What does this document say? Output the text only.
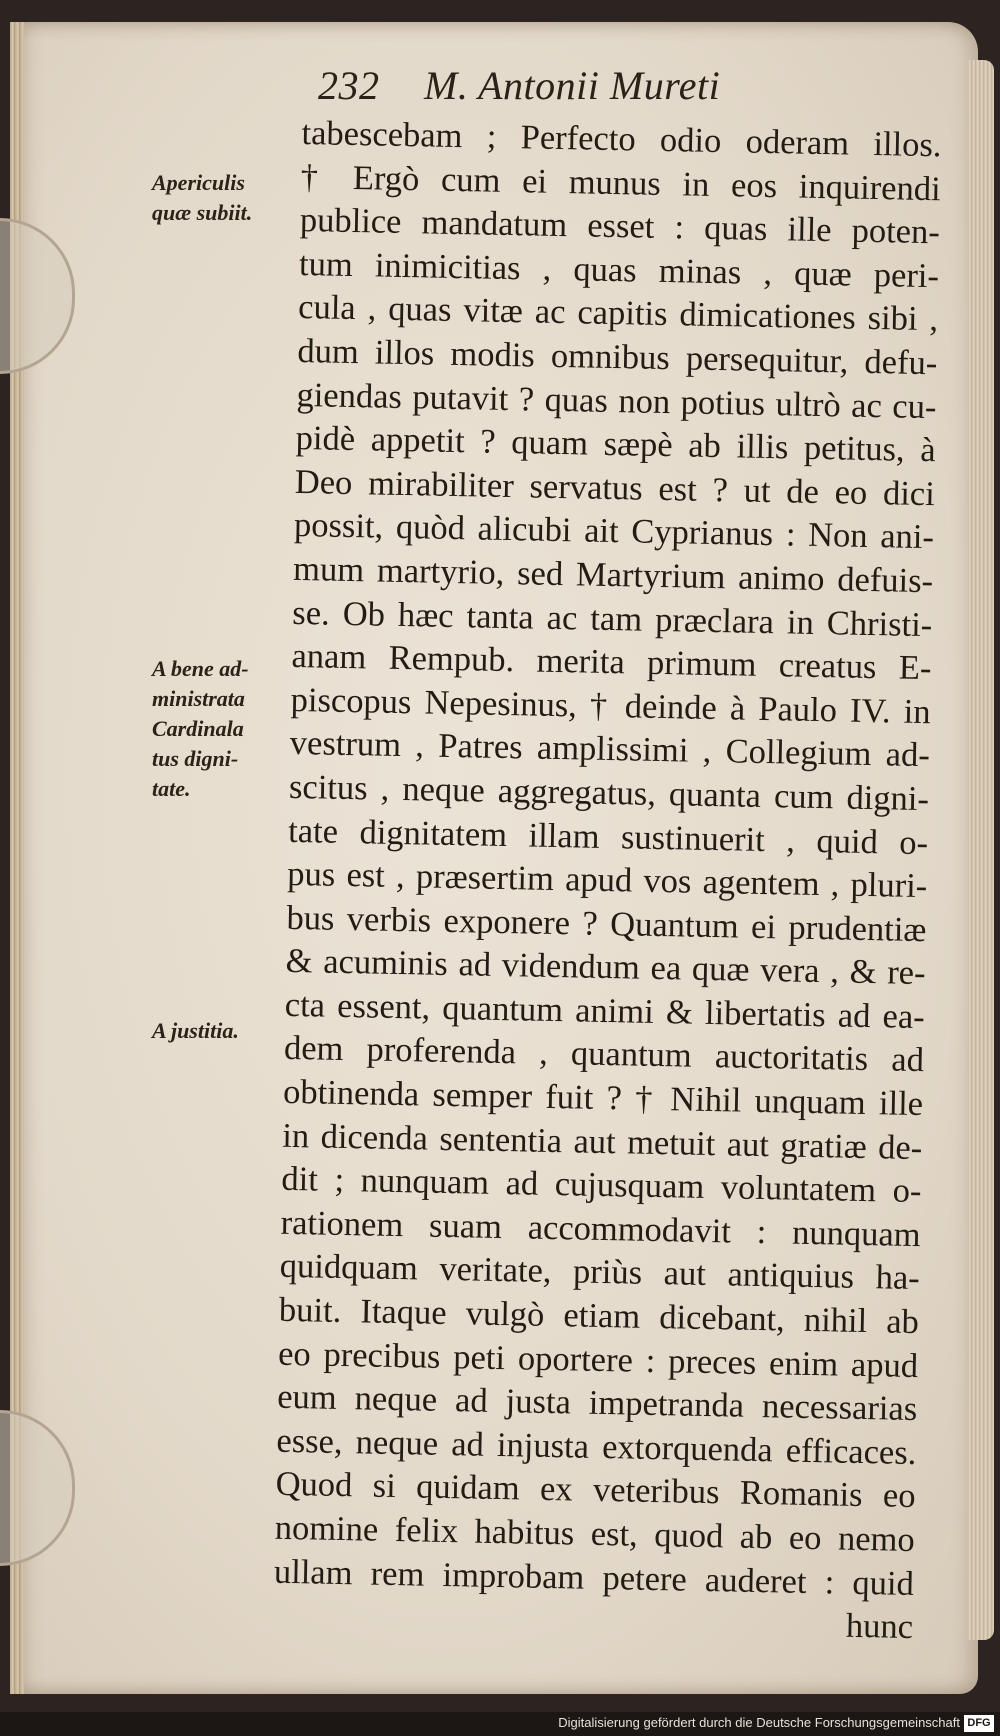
232 M. Antonii Mureti
Apericulis
quæ subiit.
A bene ad-
ministrata
Cardinala
tus digni-
tate.
A justitia.
tabescebam ; Perfecto odio oderam illos.
† Ergò cum ei munus in eos inquirendi
publice mandatum esset : quas ille poten-
tum inimicitias , quas minas , quæ peri-
cula , quas vitæ ac capitis dimicationes sibi ,
dum illos modis omnibus persequitur, defu-
giendas putavit ? quas non potius ultrò ac cu-
pidè appetit ? quam sæpè ab illis petitus, à
Deo mirabiliter servatus est ? ut de eo dici
possit, quòd alicubi ait Cyprianus : Non ani-
mum martyrio, sed Martyrium animo defuis-
se. Ob hæc tanta ac tam præclara in Christi-
anam Rempub. merita primum creatus E-
piscopus Nepesinus, † deinde à Paulo IV. in
vestrum , Patres amplissimi , Collegium ad-
scitus , neque aggregatus, quanta cum digni-
tate dignitatem illam sustinuerit , quid o-
pus est , præsertim apud vos agentem , pluri-
bus verbis exponere ? Quantum ei prudentiæ
& acuminis ad videndum ea quæ vera , & re-
cta essent, quantum animi & libertatis ad ea-
dem proferenda , quantum auctoritatis ad
obtinenda semper fuit ? † Nihil unquam ille
in dicenda sententia aut metuit aut gratiæ de-
dit ; nunquam ad cujusquam voluntatem o-
rationem suam accommodavit : nunquam
quidquam veritate, priùs aut antiquius ha-
buit. Itaque vulgò etiam dicebant, nihil ab
eo precibus peti oportere : preces enim apud
eum neque ad justa impetranda necessarias
esse, neque ad injusta extorquenda efficaces.
Quod si quidam ex veteribus Romanis eo
nomine felix habitus est, quod ab eo nemo
ullam rem improbam petere auderet : quid
hunc
Digitalisierung gefördert durch die Deutsche Forschungsgemeinschaft DFG
